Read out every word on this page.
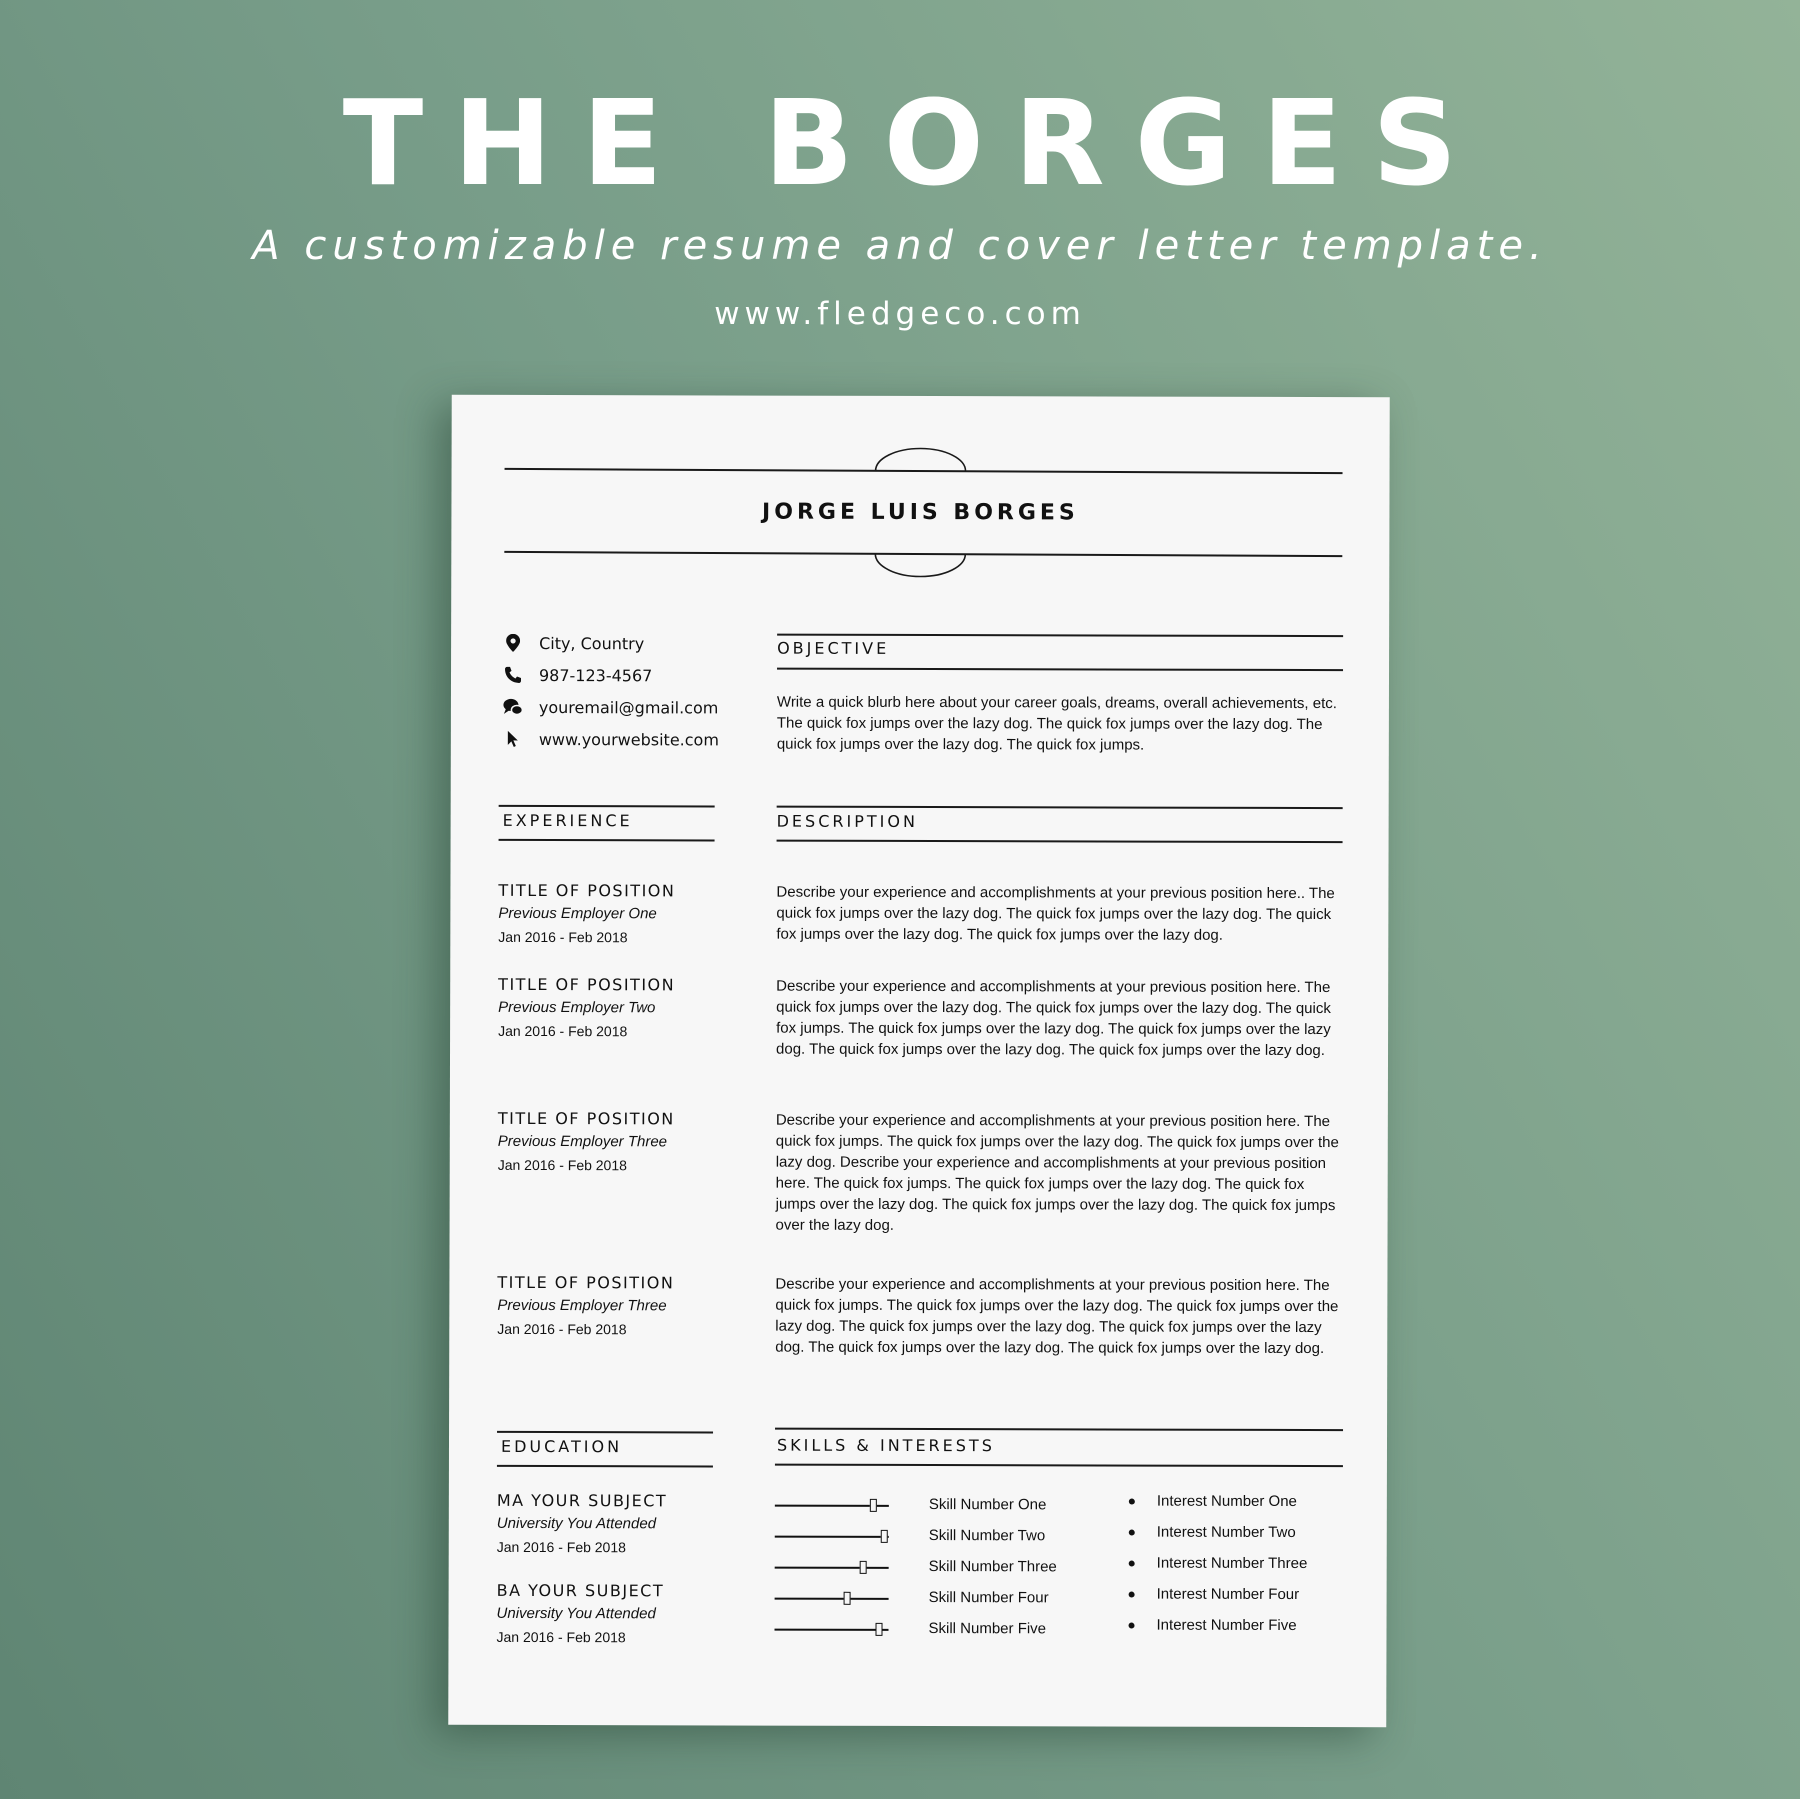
THE BORGES
A customizable resume and cover letter template.
www.fledgeco.com
JORGE LUIS BORGES
City, Country
987-123-4567
youremail@gmail.com
www.yourwebsite.com
OBJECTIVE
Write a quick blurb here about your career goals, dreams, overall achievements, etc. The quick fox jumps over the lazy dog. The quick fox jumps over the lazy dog. The quick fox jumps over the lazy dog. The quick fox jumps.
EXPERIENCE	DESCRIPTION
TITLE OF POSITION
Previous Employer One
Jan 2016 - Feb 2018
Describe your experience and accomplishments at your previous position here.. The quick fox jumps over the lazy dog. The quick fox jumps over the lazy dog. The quick fox jumps over the lazy dog. The quick fox jumps over the lazy dog.
TITLE OF POSITION
Previous Employer Two
Jan 2016 - Feb 2018
Describe your experience and accomplishments at your previous position here. The quick fox jumps over the lazy dog. The quick fox jumps over the lazy dog. The quick fox jumps. The quick fox jumps over the lazy dog. The quick fox jumps over the lazy dog. The quick fox jumps over the lazy dog. The quick fox jumps over the lazy dog.
TITLE OF POSITION
Previous Employer Three
Jan 2016 - Feb 2018
Describe your experience and accomplishments at your previous position here. The quick fox jumps. The quick fox jumps over the lazy dog. The quick fox jumps over the lazy dog. Describe your experience and accomplishments at your previous position here. The quick fox jumps. The quick fox jumps over the lazy dog. The quick fox jumps over the lazy dog. The quick fox jumps over the lazy dog. The quick fox jumps over the lazy dog.
TITLE OF POSITION
Previous Employer Three
Jan 2016 - Feb 2018
Describe your experience and accomplishments at your previous position here. The quick fox jumps. The quick fox jumps over the lazy dog. The quick fox jumps over the lazy dog. The quick fox jumps over the lazy dog. The quick fox jumps over the lazy dog. The quick fox jumps over the lazy dog. The quick fox jumps over the lazy dog.
EDUCATION
MA YOUR SUBJECT
University You Attended
Jan 2016 - Feb 2018
BA YOUR SUBJECT
University You Attended
Jan 2016 - Feb 2018
SKILLS & INTERESTS
Skill Number One
Skill Number Two
Skill Number Three
Skill Number Four
Skill Number Five
Interest Number One
Interest Number Two
Interest Number Three
Interest Number Four
Interest Number Five
